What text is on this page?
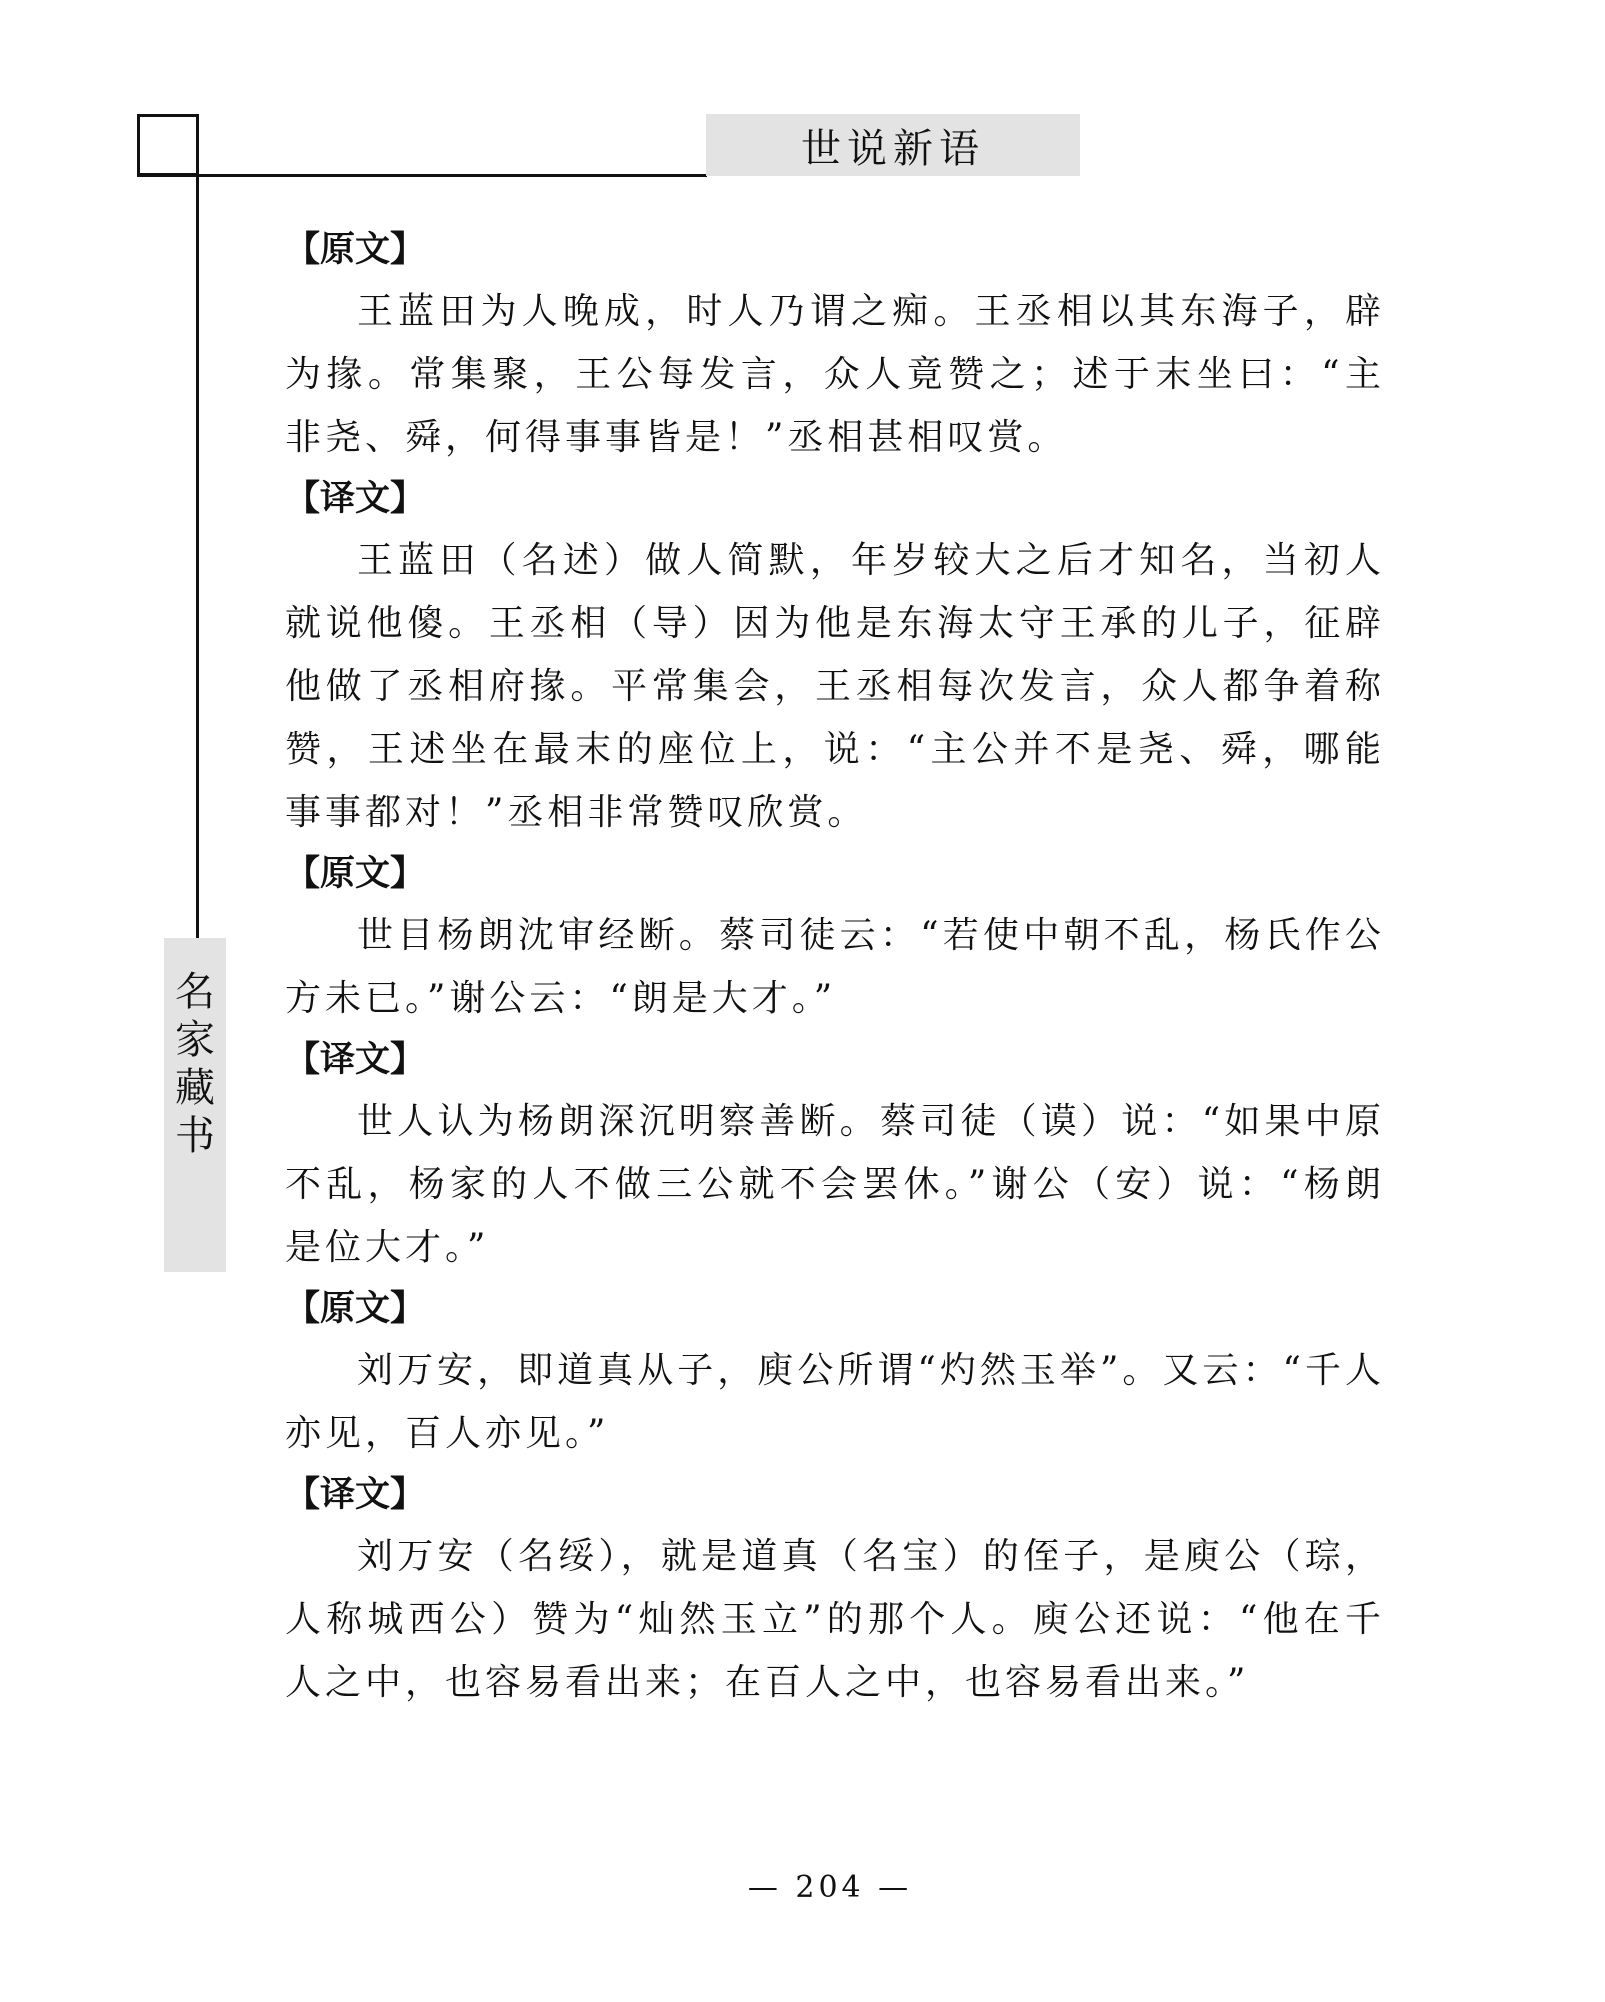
世说新语
名
家
藏
书
【原文】

王蓝田为人晚成，时人乃谓之痴。王丞相以其东海子，辟为掾。常集聚，王公每发言，众人竟赞之；述于末坐曰：“主非尧、舜，何得事事皆是！”丞相甚相叹赏。

【译文】

王蓝田（名述）做人简默，年岁较大之后才知名，当初人就说他傻。王丞相（导）因为他是东海太守王承的儿子，征辟他做了丞相府掾。平常集会，王丞相每次发言，众人都争着称赞，王述坐在最末的座位上，说：“主公并不是尧、舜，哪能事事都对！”丞相非常赞叹欣赏。

【原文】

世目杨朗沈审经断。蔡司徒云：“若使中朝不乱，杨氏作公方未已。”谢公云：“朗是大才。”

【译文】

世人认为杨朗深沉明察善断。蔡司徒（谟）说：“如果中原不乱，杨家的人不做三公就不会罢休。”谢公（安）说：“杨朗是位大才。”

【原文】

刘万安，即道真从子，庾公所谓“灼然玉举”。又云：“千人亦见，百人亦见。”

【译文】

刘万安（名绥），就是道真（名宝）的侄子，是庾公（琮，人称城西公）赞为“灿然玉立”的那个人。庾公还说：“他在千人之中，也容易看出来；在百人之中，也容易看出来。”

— 204 —
